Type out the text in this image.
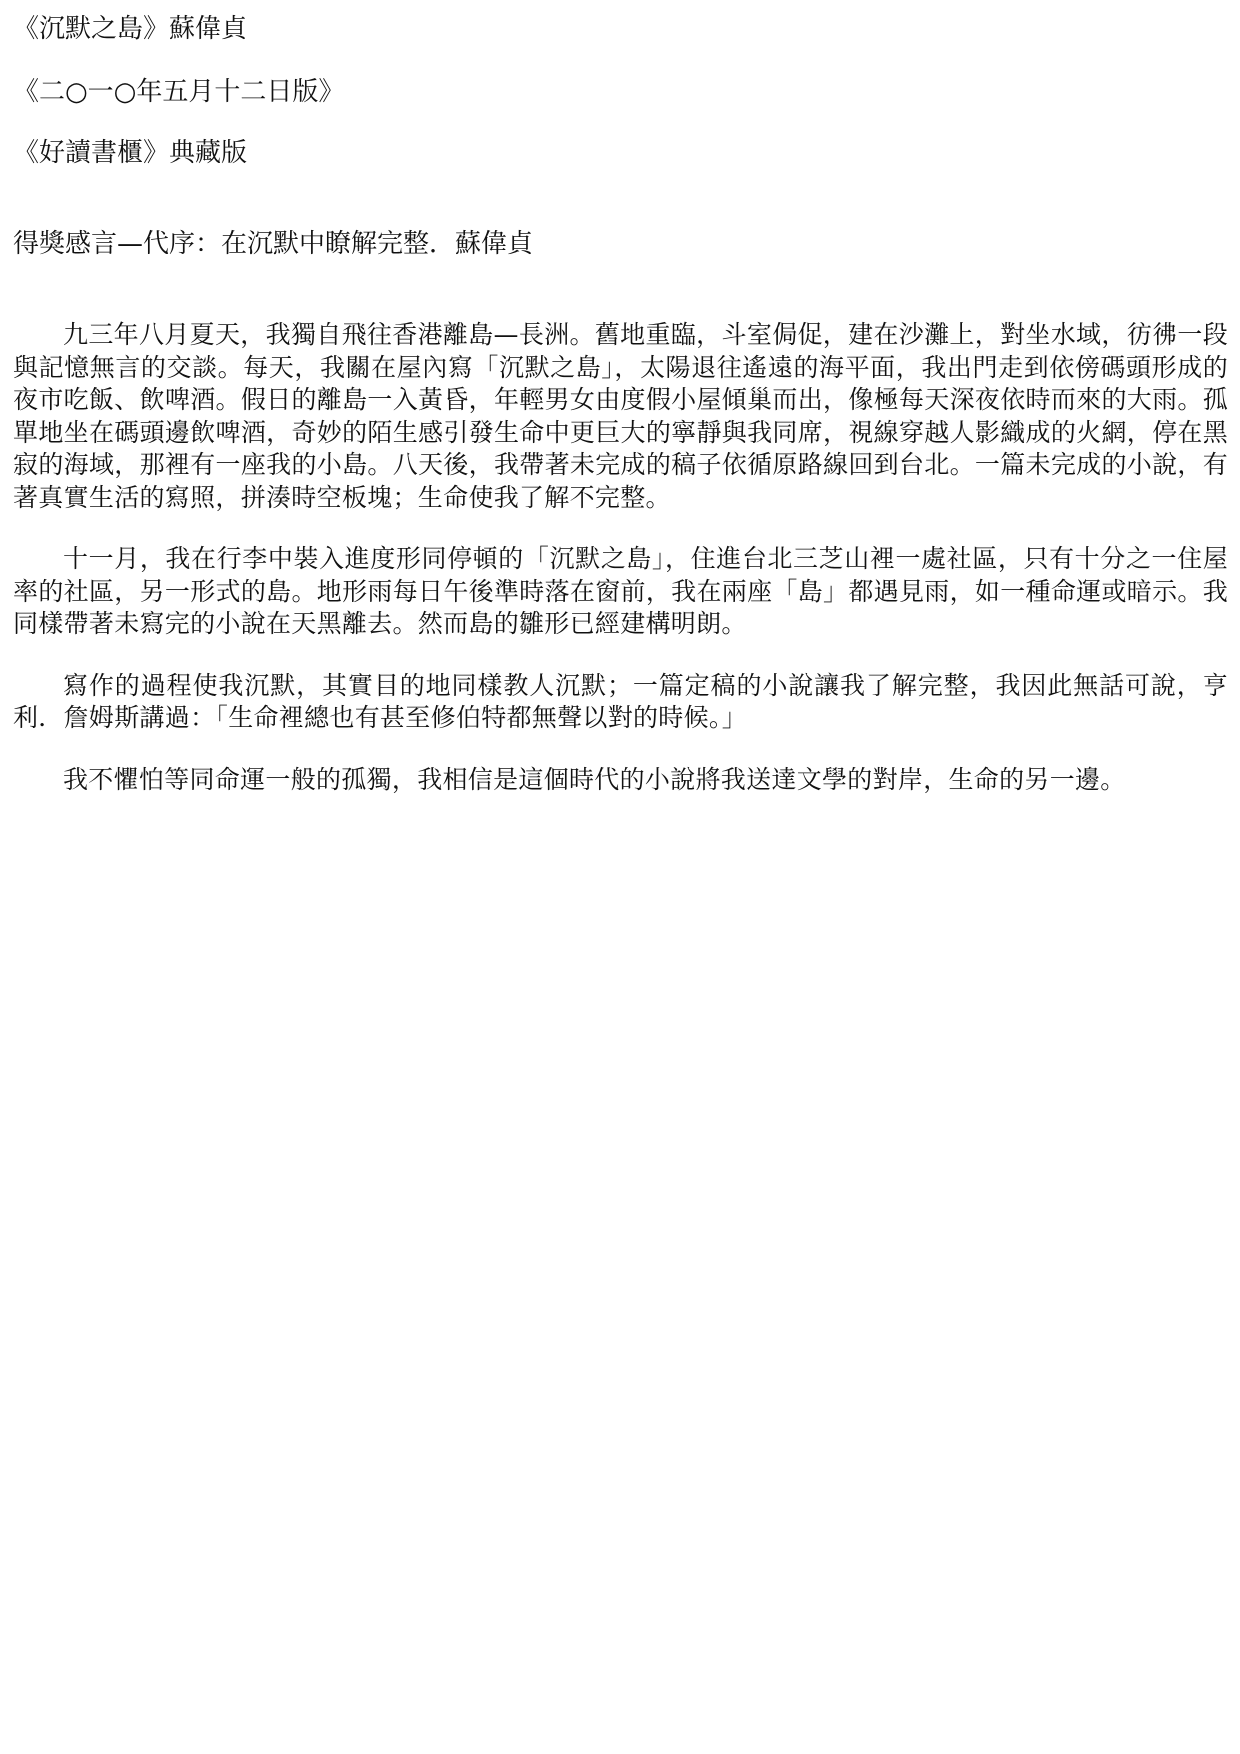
《沉默之島》蘇偉貞

《二○一○年五月十二日版》

《好讀書櫃》典藏版

得獎感言—代序：在沉默中瞭解完整．蘇偉貞

九三年八月夏天，我獨自飛往香港離島—長洲。舊地重臨，斗室侷促，建在沙灘上，對坐水域，彷彿一段與記憶無言的交談。每天，我關在屋內寫「沉默之島」，太陽退往遙遠的海平面，我出門走到依傍碼頭形成的夜市吃飯、飲啤酒。假日的離島一入黃昏，年輕男女由度假小屋傾巢而出，像極每天深夜依時而來的大雨。孤單地坐在碼頭邊飲啤酒，奇妙的陌生感引發生命中更巨大的寧靜與我同席，視線穿越人影織成的火網，停在黑寂的海域，那裡有一座我的小島。八天後，我帶著未完成的稿子依循原路線回到台北。一篇未完成的小說，有著真實生活的寫照，拼湊時空板塊；生命使我了解不完整。

十一月，我在行李中裝入進度形同停頓的「沉默之島」，住進台北三芝山裡一處社區，只有十分之一住屋率的社區，另一形式的島。地形雨每日午後準時落在窗前，我在兩座「島」都遇見雨，如一種命運或暗示。我同樣帶著未寫完的小說在天黑離去。然而島的雛形已經建構明朗。

寫作的過程使我沉默，其實目的地同樣教人沉默；一篇定稿的小說讓我了解完整，我因此無話可說，亨利．詹姆斯講過：「生命裡總也有甚至修伯特都無聲以對的時候。」

我不懼怕等同命運一般的孤獨，我相信是這個時代的小說將我送達文學的對岸，生命的另一邊。
